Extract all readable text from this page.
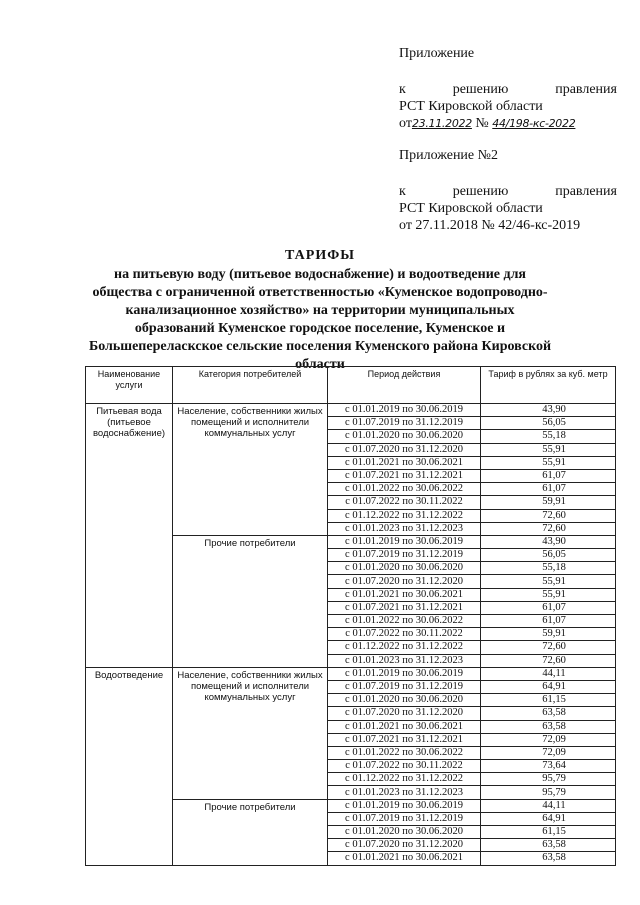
Приложение
к	решению	правления
РСТ Кировской области
от23.11.2022 № 44/198-кс-2022
Приложение №2
к	решению	правления
РСТ Кировской области
от 27.11.2018 № 42/46-кс-2019
ТАРИФЫ
на питьевую воду (питьевое водоснабжение) и водоотведение для
общества с ограниченной ответственностью «Куменское водопроводно-
канализационное хозяйство» на территории муниципальных
образований Куменское городское поселение, Куменское и
Большепереласкское сельские поселения Куменского района Кировской
области
Наименование услуги	Категория потребителей	Период действия	Тариф в рублях за куб. метр
Питьевая вода (питьевое водоснабжение)	Население, собственники жилых помещений и исполнители коммунальных услуг	с 01.01.2019 по 30.06.2019	43,90
		с 01.07.2019 по 31.12.2019	56,05
		с 01.01.2020 по 30.06.2020	55,18
		с 01.07.2020 по 31.12.2020	55,91
		с 01.01.2021 по 30.06.2021	55,91
		с 01.07.2021 по 31.12.2021	61,07
		с 01.01.2022 по 30.06.2022	61,07
		с 01.07.2022 по 30.11.2022	59,91
		с 01.12.2022 по 31.12.2022	72,60
		с 01.01.2023 по 31.12.2023	72,60
	Прочие потребители	с 01.01.2019 по 30.06.2019	43,90
		с 01.07.2019 по 31.12.2019	56,05
		с 01.01.2020 по 30.06.2020	55,18
		с 01.07.2020 по 31.12.2020	55,91
		с 01.01.2021 по 30.06.2021	55,91
		с 01.07.2021 по 31.12.2021	61,07
		с 01.01.2022 по 30.06.2022	61,07
		с 01.07.2022 по 30.11.2022	59,91
		с 01.12.2022 по 31.12.2022	72,60
		с 01.01.2023 по 31.12.2023	72,60
Водоотведение	Население, собственники жилых помещений и исполнители коммунальных услуг	с 01.01.2019 по 30.06.2019	44,11
		с 01.07.2019 по 31.12.2019	64,91
		с 01.01.2020 по 30.06.2020	61,15
		с 01.07.2020 по 31.12.2020	63,58
		с 01.01.2021 по 30.06.2021	63,58
		с 01.07.2021 по 31.12.2021	72,09
		с 01.01.2022 по 30.06.2022	72,09
		с 01.07.2022 по 30.11.2022	73,64
		с 01.12.2022 по 31.12.2022	95,79
		с 01.01.2023 по 31.12.2023	95,79
	Прочие потребители	с 01.01.2019 по 30.06.2019	44,11
		с 01.07.2019 по 31.12.2019	64,91
		с 01.01.2020 по 30.06.2020	61,15
		с 01.07.2020 по 31.12.2020	63,58
		с 01.01.2021 по 30.06.2021	63,58
